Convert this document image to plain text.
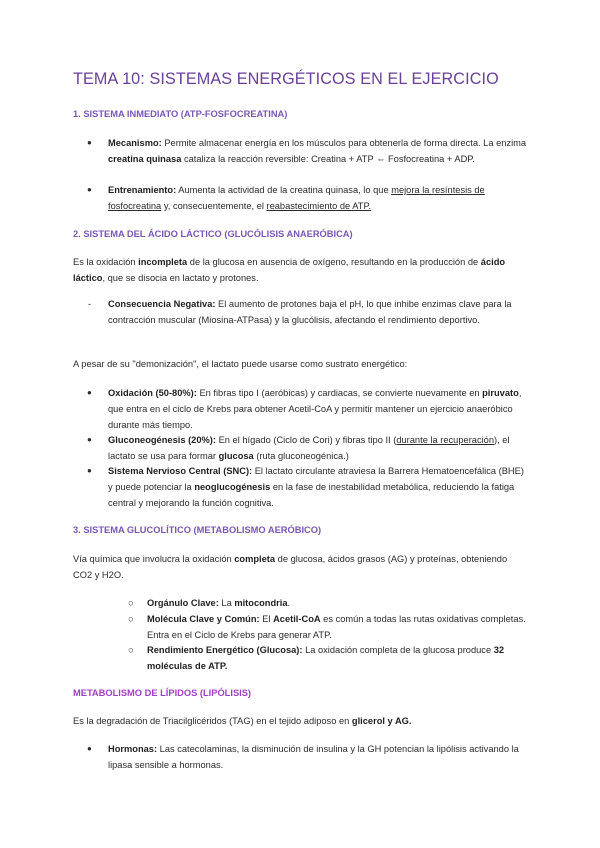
TEMA 10: SISTEMAS ENERGÉTICOS EN EL EJERCICIO
1. SISTEMA INMEDIATO (ATP-FOSFOCREATINA)
● Mecanismo: Permite almacenar energía en los músculos para obtenerla de forma directa. La enzima creatina quinasa cataliza la reacción reversible: Creatina + ATP ⇔ Fosfocreatina + ADP.

● Entrenamiento: Aumenta la actividad de la creatina quinasa, lo que mejora la resíntesis de fosfocreatina y, consecuentemente, el reabastecimiento de ATP.

2. SISTEMA DEL ÁCIDO LÁCTICO (GLUCÓLISIS ANAERÓBICA)

Es la oxidación incompleta de la glucosa en ausencia de oxígeno, resultando en la producción de ácido láctico, que se disocia en lactato y protones.

- Consecuencia Negativa: El aumento de protones baja el pH, lo que inhibe enzimas clave para la contracción muscular (Miosina-ATPasa) y la glucólisis, afectando el rendimiento deportivo.

A pesar de su "demonización", el lactato puede usarse como sustrato energético:

● Oxidación (50-80%): En fibras tipo I (aeróbicas) y cardiacas, se convierte nuevamente en piruvato, que entra en el ciclo de Krebs para obtener Acetil-CoA y permitir mantener un ejercicio anaeróbico durante más tiempo.

● Gluconeogénesis (20%): En el hígado (Ciclo de Cori) y fibras tipo II (durante la recuperación), el lactato se usa para formar glucosa (ruta gluconeogénica.)

● Sistema Nervioso Central (SNC): El lactato circulante atraviesa la Barrera Hematoencefálica (BHE) y puede potenciar la neoglucogénesis en la fase de inestabilidad metabólica, reduciendo la fatiga central y mejorando la función cognitiva.

3. SISTEMA GLUCOLÍTICO (METABOLISMO AERÓBICO)

Vía química que involucra la oxidación completa de glucosa, ácidos grasos (AG) y proteínas, obteniendo CO2 y H2O.

○ Orgánulo Clave: La mitocondria.

○ Molécula Clave y Común: El Acetil-CoA es común a todas las rutas oxidativas completas. Entra en el Ciclo de Krebs para generar ATP.

○ Rendimiento Energético (Glucosa): La oxidación completa de la glucosa produce 32 moléculas de ATP.

METABOLISMO DE LÍPIDOS (LIPÓLISIS)

Es la degradación de Triacilglicéridos (TAG) en el tejido adiposo en glicerol y AG.

● Hormonas: Las catecolaminas, la disminución de insulina y la GH potencian la lipólisis activando la lipasa sensible a hormonas.
